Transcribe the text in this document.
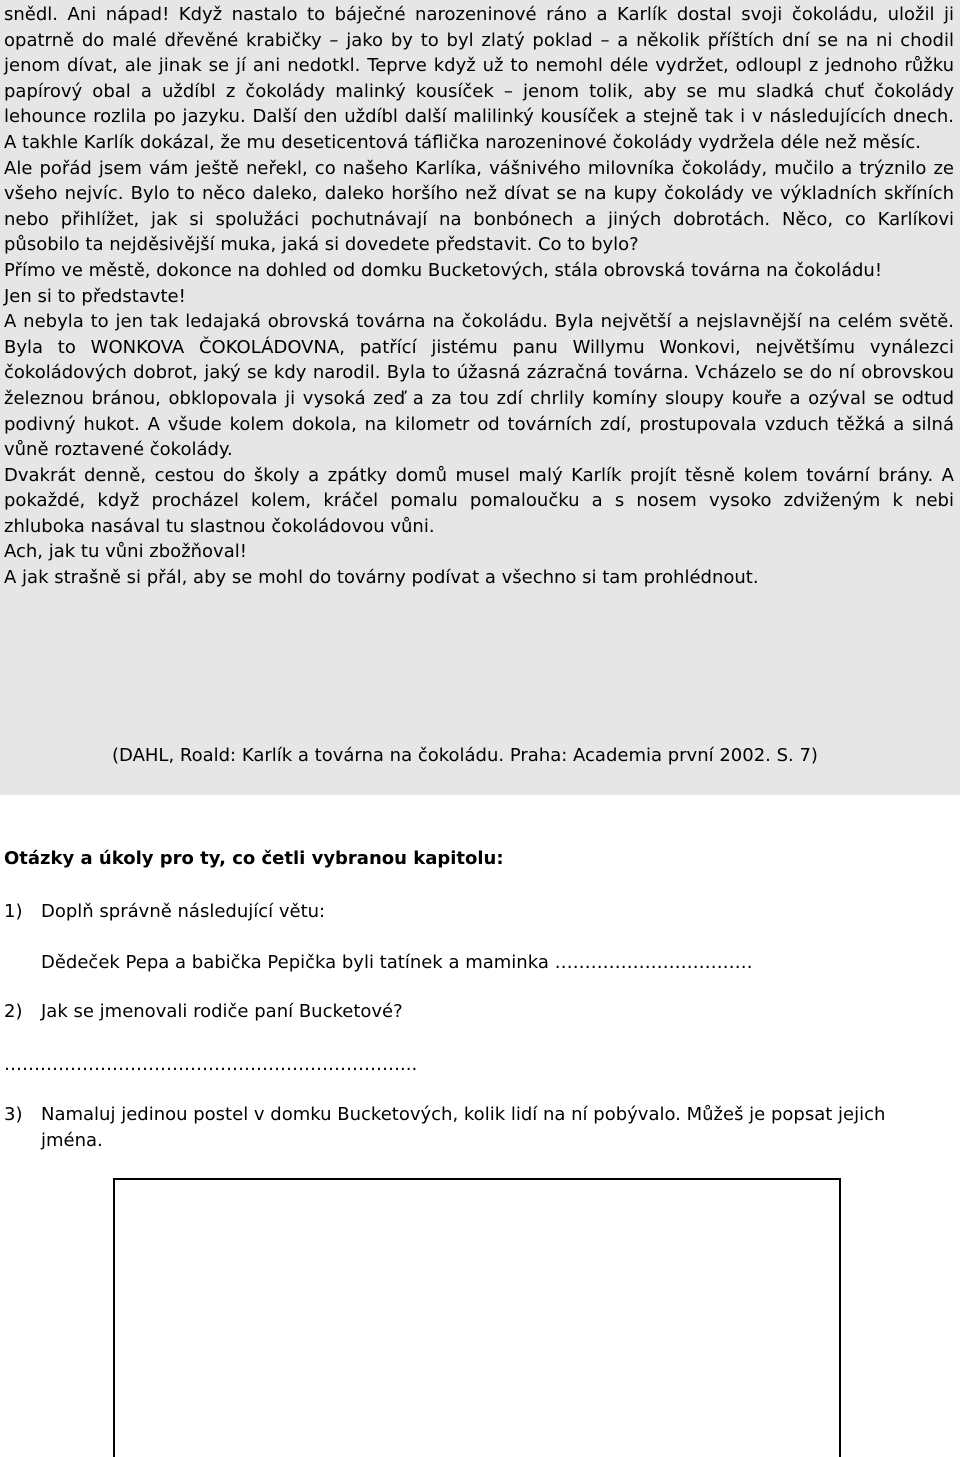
snědl. Ani nápad! Když nastalo to báječné narozeninové ráno a Karlík dostal svoji čokoládu, uložil ji opatrně do malé dřevěné krabičky – jako by to byl zlatý poklad – a několik příštích dní se na ni chodil jenom dívat, ale jinak se jí ani nedotkl. Teprve když už to nemohl déle vydržet, odloupl z jednoho růžku papírový obal a uždíbl z čokolády malinký kousíček – jenom tolik, aby se mu sladká chuť čokolády lehounce rozlila po jazyku. Další den uždíbl další malilinký kousíček a stejně tak i v následujících dnech. A takhle Karlík dokázal, že mu deseticentová táflička narozeninové čokolády vydržela déle než měsíc.

Ale pořád jsem vám ještě neřekl, co našeho Karlíka, vášnivého milovníka čokolády, mučilo a trýznilo ze všeho nejvíc. Bylo to něco daleko, daleko horšího než dívat se na kupy čokolády ve výkladních skříních nebo přihlížet, jak si spolužáci pochutnávají na bonbónech a jiných dobrotách. Něco, co Karlíkovi působilo ta nejděsivější muka, jaká si dovedete představit. Co to bylo?

Přímo ve městě, dokonce na dohled od domku Bucketových, stála obrovská továrna na čokoládu!

Jen si to představte!

A nebyla to jen tak ledajaká obrovská továrna na čokoládu. Byla největší a nejslavnější na celém světě. Byla to WONKOVA ČOKOLÁDOVNA, patřící jistému panu Willymu Wonkovi, největšímu vynálezci čokoládových dobrot, jaký se kdy narodil. Byla to úžasná zázračná továrna. Vcházelo se do ní obrovskou železnou bránou, obklopovala ji vysoká zeď a za tou zdí chrlily komíny sloupy kouře a ozýval se odtud podivný hukot. A všude kolem dokola, na kilometr od továrních zdí, prostupovala vzduch těžká a silná vůně roztavené čokolády.

Dvakrát denně, cestou do školy a zpátky domů musel malý Karlík projít těsně kolem tovární brány. A pokaždé, když procházel kolem, kráčel pomalu pomaloučku a s nosem vysoko zdviženým k nebi zhluboka nasával tu slastnou čokoládovou vůni.

Ach, jak tu vůni zbožňoval!

A jak strašně si přál, aby se mohl do továrny podívat a všechno si tam prohlédnout.

(DAHL, Roald: Karlík a továrna na čokoládu. Praha: Academia první 2002. S. 7)
Otázky a úkoly pro ty, co četli vybranou kapitolu:
1)	Doplň správně následující větu:
Dědeček Pepa a babička Pepička byli tatínek a maminka ……………………………
2)	Jak se jmenovali rodiče paní Bucketové?
…………………………………………………………...
3)	Namaluj jedinou postel v domku Bucketových, kolik lidí na ní pobývalo. Můžeš je popsat jejich jména.
